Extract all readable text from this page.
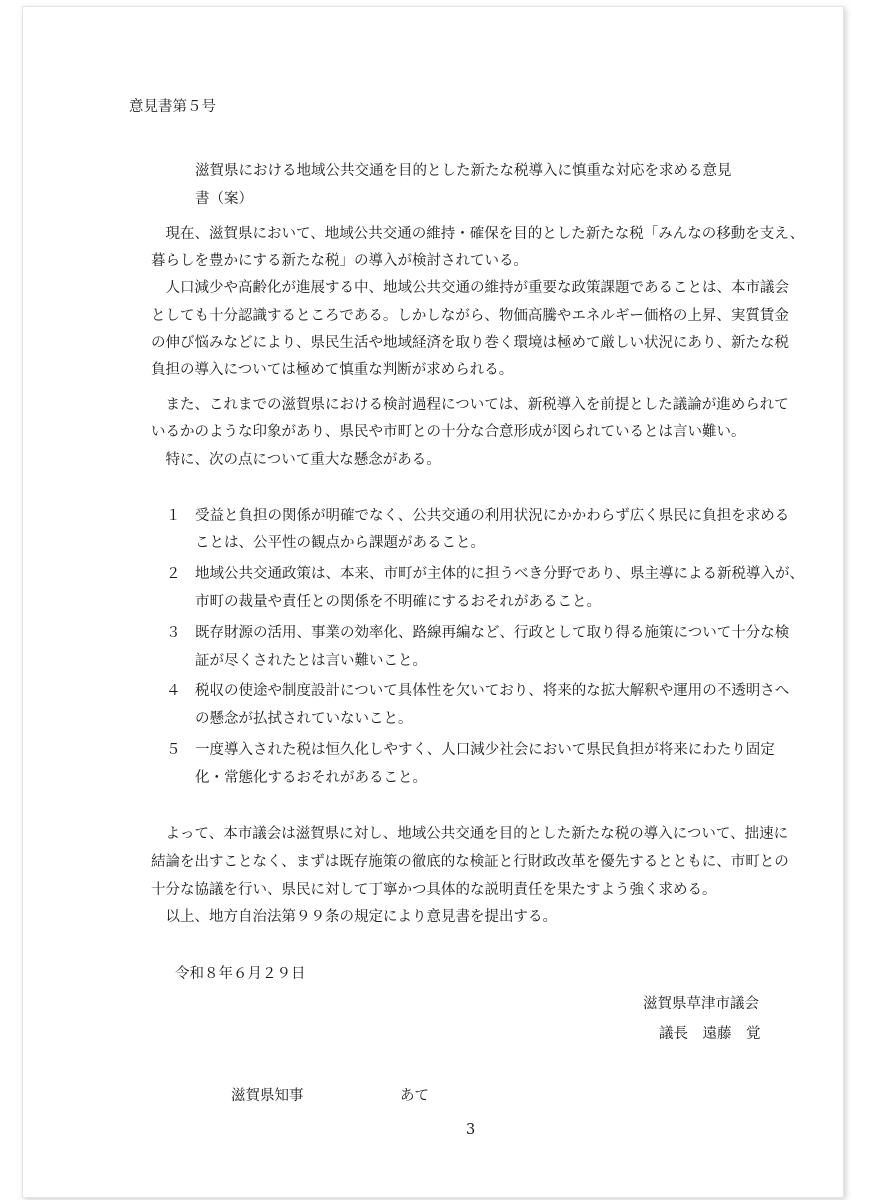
意見書第５号
滋賀県における地域公共交通を目的とした新たな税導入に慎重な対応を求める意見
書（案）
　現在、滋賀県において、地域公共交通の維持・確保を目的とした新たな税「みんなの移動を支え、
暮らしを豊かにする新たな税」の導入が検討されている。
　人口減少や高齢化が進展する中、地域公共交通の維持が重要な政策課題であることは、本市議会
としても十分認識するところである。しかしながら、物価高騰やエネルギー価格の上昇、実質賃金
の伸び悩みなどにより、県民生活や地域経済を取り巻く環境は極めて厳しい状況にあり、新たな税
負担の導入については極めて慎重な判断が求められる。
　また、これまでの滋賀県における検討過程については、新税導入を前提とした議論が進められて
いるかのような印象があり、県民や市町との十分な合意形成が図られているとは言い難い。
　特に、次の点について重大な懸念がある。
１ 受益と負担の関係が明確でなく、公共交通の利用状況にかかわらず広く県民に負担を求める
ことは、公平性の観点から課題があること。
２ 地域公共交通政策は、本来、市町が主体的に担うべき分野であり、県主導による新税導入が、
市町の裁量や責任との関係を不明確にするおそれがあること。
３ 既存財源の活用、事業の効率化、路線再編など、行政として取り得る施策について十分な検
証が尽くされたとは言い難いこと。
４ 税収の使途や制度設計について具体性を欠いており、将来的な拡大解釈や運用の不透明さへ
の懸念が払拭されていないこと。
５ 一度導入された税は恒久化しやすく、人口減少社会において県民負担が将来にわたり固定
化・常態化するおそれがあること。
　よって、本市議会は滋賀県に対し、地域公共交通を目的とした新たな税の導入について、拙速に
結論を出すことなく、まずは既存施策の徹底的な検証と行財政改革を優先するとともに、市町との
十分な協議を行い、県民に対して丁寧かつ具体的な説明責任を果たすよう強く求める。
　以上、地方自治法第９９条の規定により意見書を提出する。
令和８年６月２９日
滋賀県草津市議会
議長　遠藤　覚
滋賀県知事	あて
3
